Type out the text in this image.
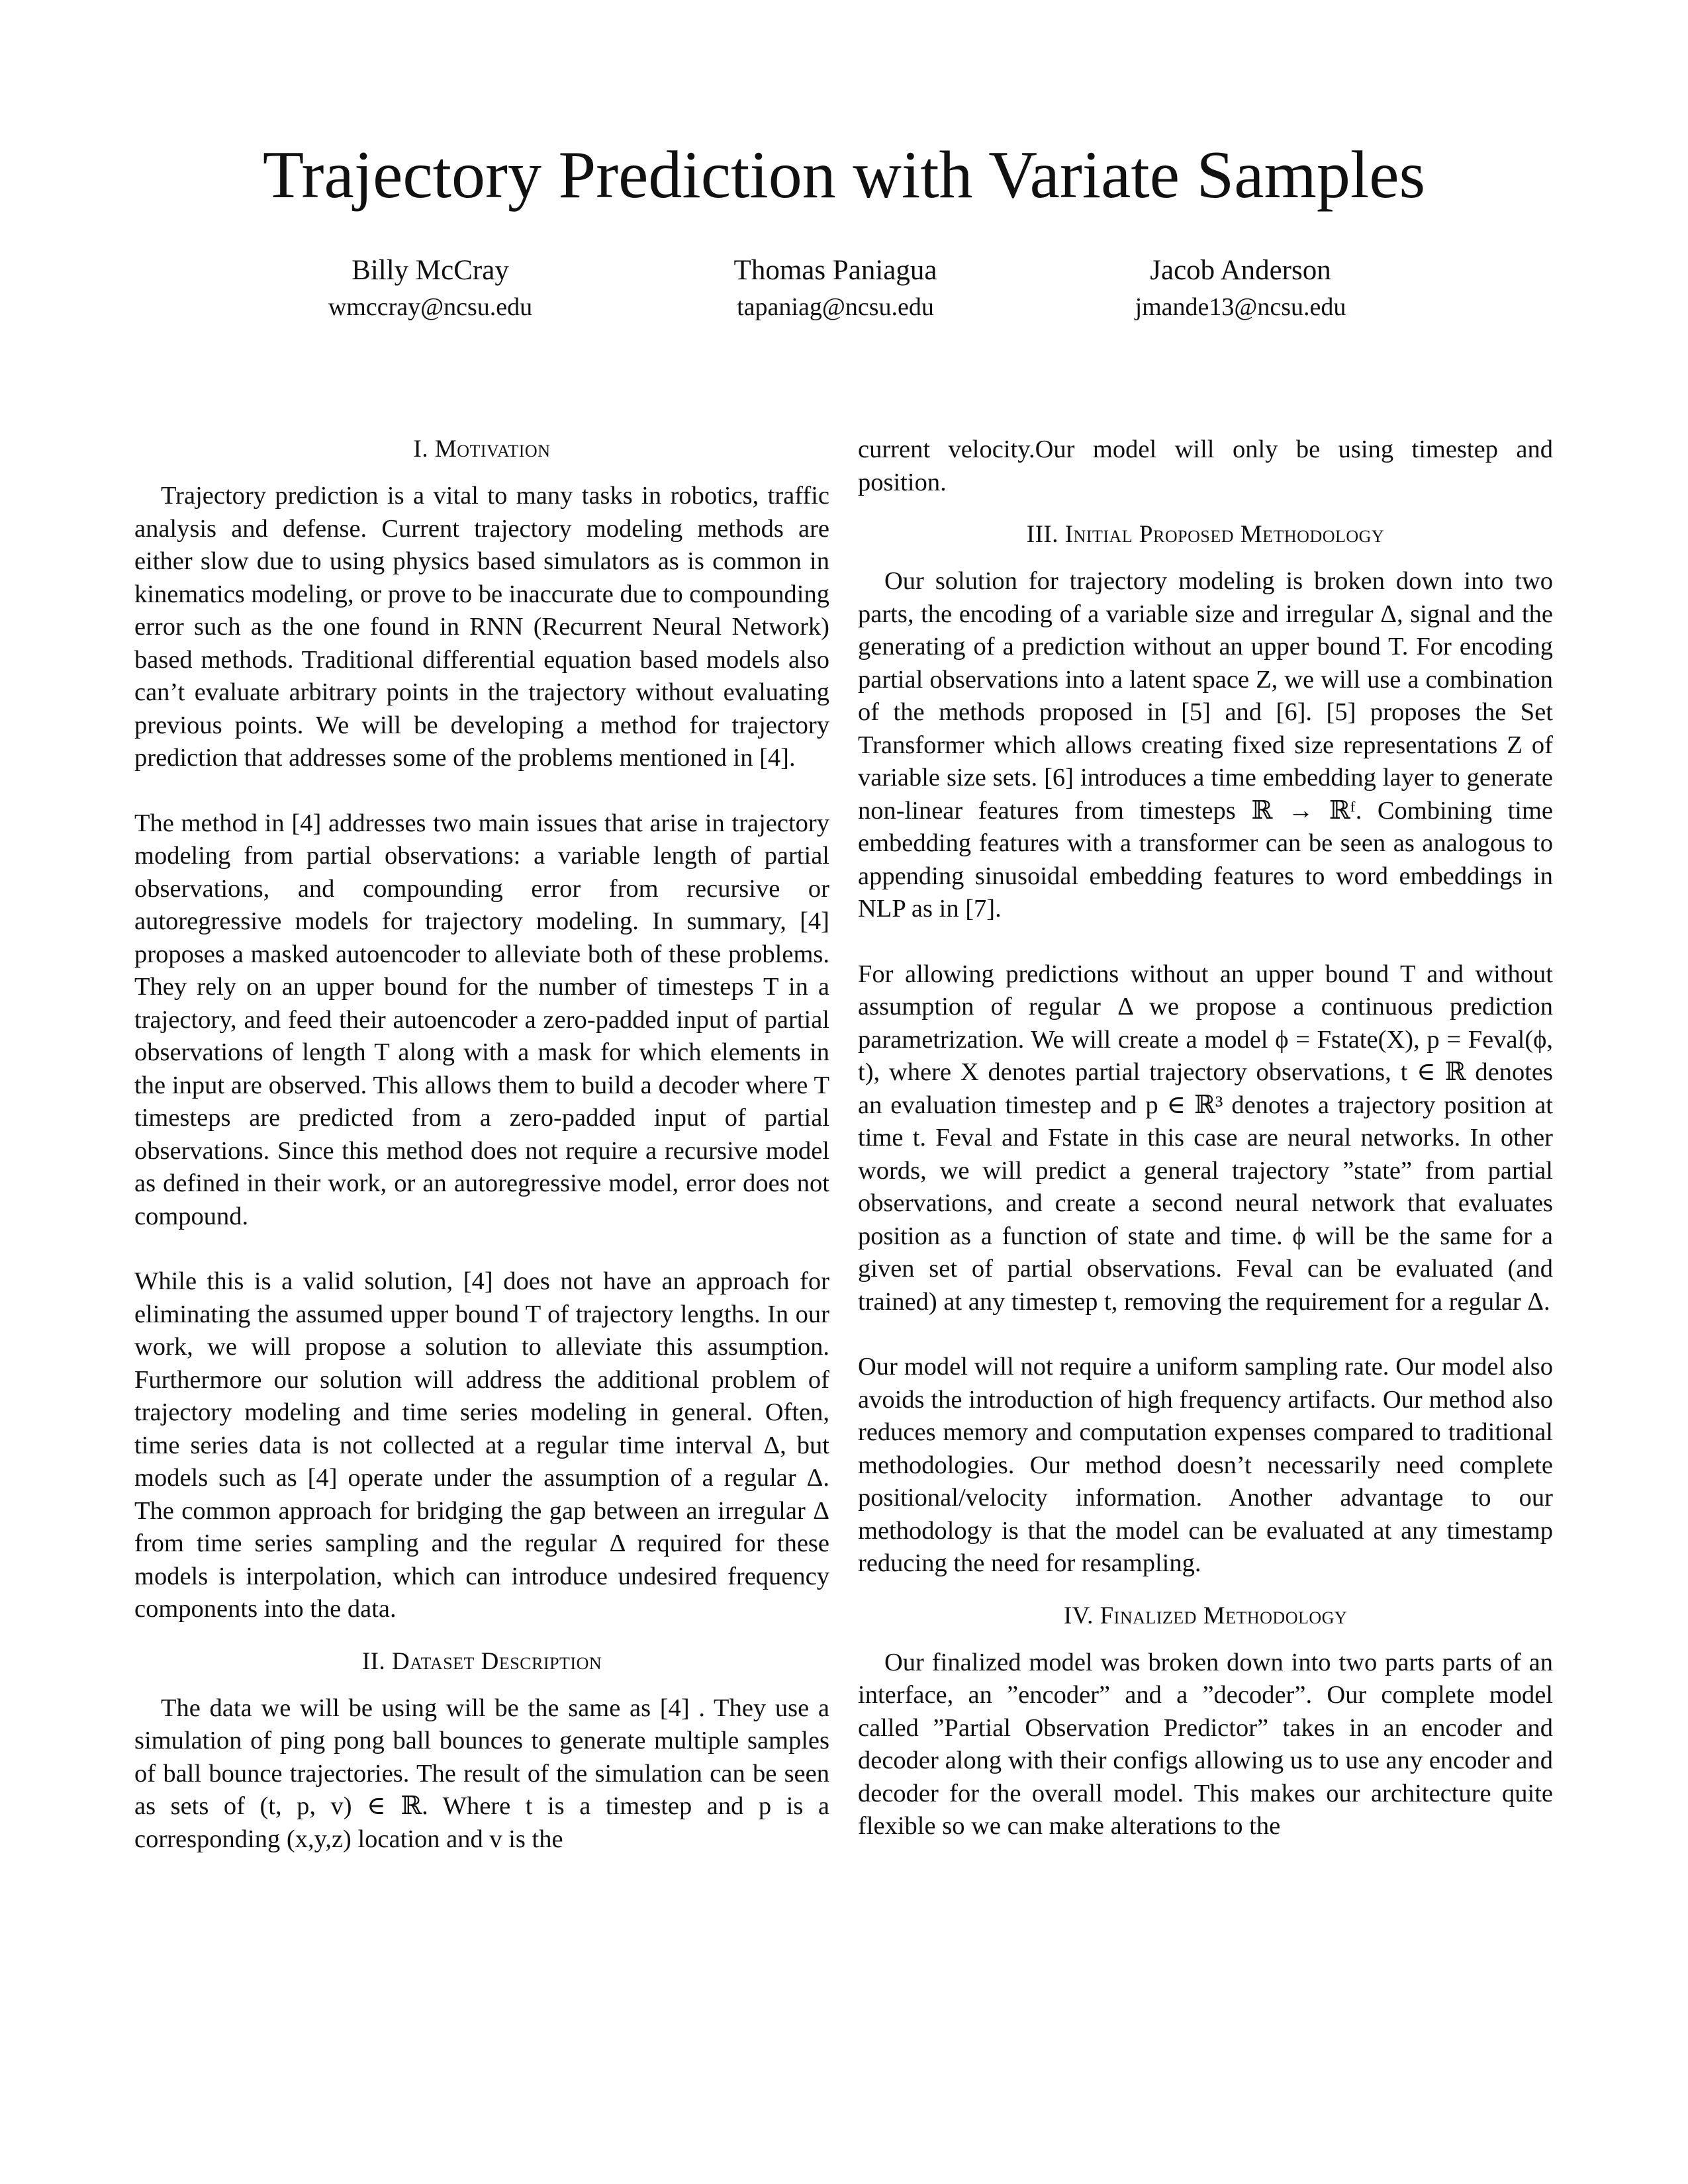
Trajectory Prediction with Variate Samples
Billy McCray
wmccray@ncsu.edu
Thomas Paniagua
tapaniag@ncsu.edu
Jacob Anderson
jmande13@ncsu.edu
I. Motivation

Trajectory prediction is a vital to many tasks in robotics, traffic analysis and defense. Current trajectory modeling methods are either slow due to using physics based simulators as is common in kinematics modeling, or prove to be inaccurate due to compounding error such as the one found in RNN (Recurrent Neural Network) based methods. Traditional differential equation based models also can’t evaluate arbitrary points in the trajectory without evaluating previous points. We will be developing a method for trajectory prediction that addresses some of the problems mentioned in [4].

The method in [4] addresses two main issues that arise in trajectory modeling from partial observations: a variable length of partial observations, and compounding error from recursive or autoregressive models for trajectory modeling. In summary, [4] proposes a masked autoencoder to alleviate both of these problems. They rely on an upper bound for the number of timesteps T in a trajectory, and feed their autoencoder a zero-padded input of partial observations of length T along with a mask for which elements in the input are observed. This allows them to build a decoder where T timesteps are predicted from a zero-padded input of partial observations. Since this method does not require a recursive model as defined in their work, or an autoregressive model, error does not compound.

While this is a valid solution, [4] does not have an approach for eliminating the assumed upper bound T of trajectory lengths. In our work, we will propose a solution to alleviate this assumption. Furthermore our solution will address the additional problem of trajectory modeling and time series modeling in general. Often, time series data is not collected at a regular time interval Δ, but models such as [4] operate under the assumption of a regular Δ. The common approach for bridging the gap between an irregular Δ from time series sampling and the regular Δ required for these models is interpolation, which can introduce undesired frequency components into the data.

II. Dataset Description

The data we will be using will be the same as [4] . They use a simulation of ping pong ball bounces to generate multiple samples of ball bounce trajectories. The result of the simulation can be seen as sets of (t, p, v) ∈ ℝ. Where t is a timestep and p is a corresponding (x,y,z) location and v is the

current velocity.Our model will only be using timestep and position.

III. Initial Proposed Methodology

Our solution for trajectory modeling is broken down into two parts, the encoding of a variable size and irregular Δ, signal and the generating of a prediction without an upper bound T. For encoding partial observations into a latent space Z, we will use a combination of the methods proposed in [5] and [6]. [5] proposes the Set Transformer which allows creating fixed size representations Z of variable size sets. [6] introduces a time embedding layer to generate non-linear features from timesteps ℝ → ℝᶠ. Combining time embedding features with a transformer can be seen as analogous to appending sinusoidal embedding features to word embeddings in NLP as in [7].

For allowing predictions without an upper bound T and without assumption of regular Δ we propose a continuous prediction parametrization. We will create a model ϕ = Fstate(X), p = Feval(ϕ, t), where X denotes partial trajectory observations, t ∈ ℝ denotes an evaluation timestep and p ∈ ℝ³ denotes a trajectory position at time t. Feval and Fstate in this case are neural networks. In other words, we will predict a general trajectory ”state” from partial observations, and create a second neural network that evaluates position as a function of state and time. ϕ will be the same for a given set of partial observations. Feval can be evaluated (and trained) at any timestep t, removing the requirement for a regular Δ.

Our model will not require a uniform sampling rate. Our model also avoids the introduction of high frequency artifacts. Our method also reduces memory and computation expenses compared to traditional methodologies. Our method doesn’t necessarily need complete positional/velocity information. Another advantage to our methodology is that the model can be evaluated at any timestamp reducing the need for resampling.

IV. Finalized Methodology

Our finalized model was broken down into two parts parts of an interface, an ”encoder” and a ”decoder”. Our complete model called ”Partial Observation Predictor” takes in an encoder and decoder along with their configs allowing us to use any encoder and decoder for the overall model. This makes our architecture quite flexible so we can make alterations to the
